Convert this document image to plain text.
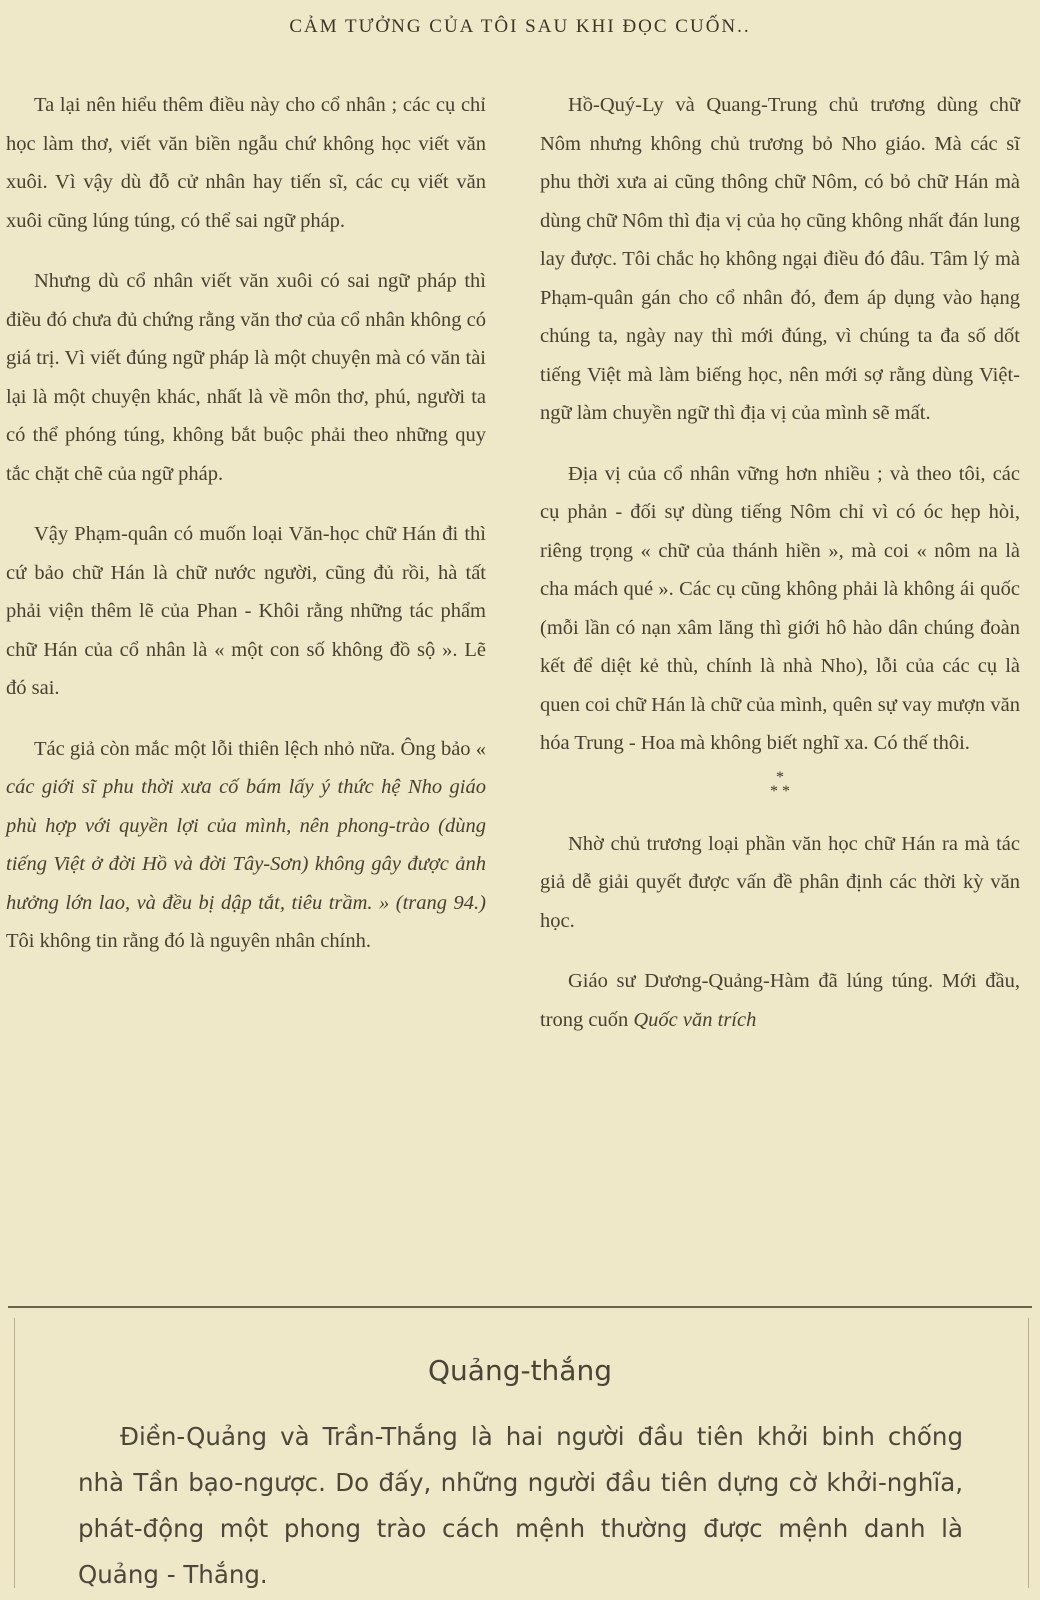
CẢM TƯỞNG CỦA TÔI SAU KHI ĐỌC CUỐN..

Ta lại nên hiểu thêm điều này cho cổ nhân ; các cụ chỉ học làm thơ, viết văn biền ngẫu chứ không học viết văn xuôi. Vì vậy dù đỗ cử nhân hay tiến sĩ, các cụ viết văn xuôi cũng lúng túng, có thể sai ngữ pháp.

Nhưng dù cổ nhân viết văn xuôi có sai ngữ pháp thì điều đó chưa đủ chứng rằng văn thơ của cổ nhân không có giá trị. Vì viết đúng ngữ pháp là một chuyện mà có văn tài lại là một chuyện khác, nhất là về môn thơ, phú, người ta có thể phóng túng, không bắt buộc phải theo những quy tắc chặt chẽ của ngữ pháp.

Vậy Phạm-quân có muốn loại Văn-học chữ Hán đi thì cứ bảo chữ Hán là chữ nước người, cũng đủ rồi, hà tất phải viện thêm lẽ của Phan - Khôi rằng những tác phẩm chữ Hán của cổ nhân là « một con số không đồ sộ ». Lẽ đó sai.

Tác giả còn mắc một lỗi thiên lệch nhỏ nữa. Ông bảo « các giới sĩ phu thời xưa cố bám lấy ý thức hệ Nho giáo phù hợp với quyền lợi của mình, nên phong-trào (dùng tiếng Việt ở đời Hồ và đời Tây-Sơn) không gây được ảnh hưởng lớn lao, và đều bị dập tắt, tiêu trầm. » (trang 94.) Tôi không tin rằng đó là nguyên nhân chính.

Hồ-Quý-Ly và Quang-Trung chủ trương dùng chữ Nôm nhưng không chủ trương bỏ Nho giáo. Mà các sĩ phu thời xưa ai cũng thông chữ Nôm, có bỏ chữ Hán mà dùng chữ Nôm thì địa vị của họ cũng không nhất đán lung lay được. Tôi chắc họ không ngại điều đó đâu. Tâm lý mà Phạm-quân gán cho cổ nhân đó, đem áp dụng vào hạng chúng ta, ngày nay thì mới đúng, vì chúng ta đa số dốt tiếng Việt mà làm biếng học, nên mới sợ rằng dùng Việt-ngữ làm chuyền ngữ thì địa vị của mình sẽ mất.

Địa vị của cổ nhân vững hơn nhiều ; và theo tôi, các cụ phản - đối sự dùng tiếng Nôm chỉ vì có óc hẹp hòi, riêng trọng « chữ của thánh hiền », mà coi « nôm na là cha mách qué ». Các cụ cũng không phải là không ái quốc (mỗi lần có nạn xâm lăng thì giới hô hào dân chúng đoàn kết để diệt kẻ thù, chính là nhà Nho), lỗi của các cụ là quen coi chữ Hán là chữ của mình, quên sự vay mượn văn hóa Trung - Hoa mà không biết nghĩ xa. Có thế thôi.

*
* *

Nhờ chủ trương loại phần văn học chữ Hán ra mà tác giả dễ giải quyết được vấn đề phân định các thời kỳ văn học.

Giáo sư Dương-Quảng-Hàm đã lúng túng. Mới đầu, trong cuốn Quốc văn trích

Quảng-thắng
Điền-Quảng và Trần-Thắng là hai người đầu tiên khởi binh chống nhà Tần bạo-ngược. Do đấy, những người đầu tiên dựng cờ khởi-nghĩa, phát-động một phong trào cách mệnh thường được mệnh danh là Quảng - Thắng.
